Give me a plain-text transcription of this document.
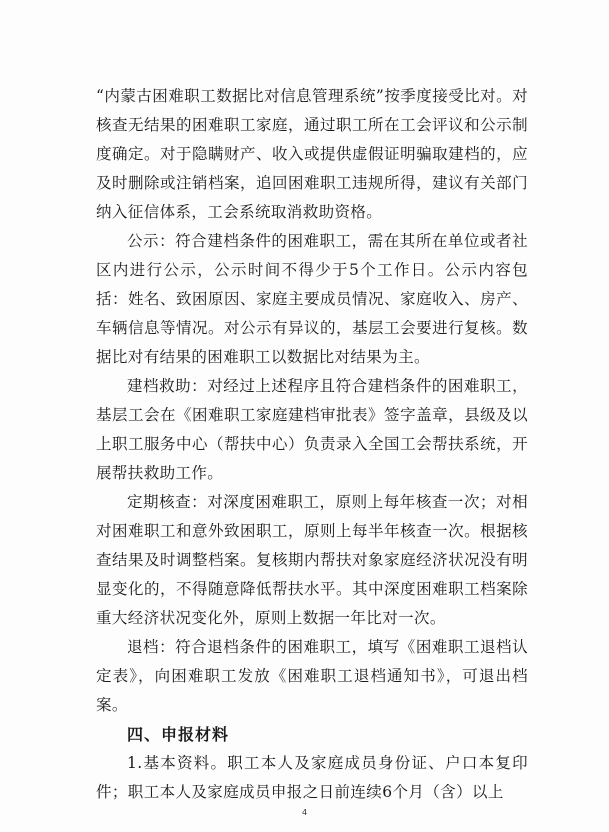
“内蒙古困难职工数据比对信息管理系统”按季度接受比对。对核查无结果的困难职工家庭，通过职工所在工会评议和公示制度确定。对于隐瞒财产、收入或提供虚假证明骗取建档的，应及时删除或注销档案，追回困难职工违规所得，建议有关部门纳入征信体系，工会系统取消救助资格。

公示：符合建档条件的困难职工，需在其所在单位或者社区内进行公示，公示时间不得少于5个工作日。公示内容包括：姓名、致困原因、家庭主要成员情况、家庭收入、房产、车辆信息等情况。对公示有异议的，基层工会要进行复核。数据比对有结果的困难职工以数据比对结果为主。

建档救助：对经过上述程序且符合建档条件的困难职工，基层工会在《困难职工家庭建档审批表》签字盖章，县级及以上职工服务中心（帮扶中心）负责录入全国工会帮扶系统，开展帮扶救助工作。

定期核查：对深度困难职工，原则上每年核查一次；对相对困难职工和意外致困职工，原则上每半年核查一次。根据核查结果及时调整档案。复核期内帮扶对象家庭经济状况没有明显变化的，不得随意降低帮扶水平。其中深度困难职工档案除重大经济状况变化外，原则上数据一年比对一次。

退档：符合退档条件的困难职工，填写《困难职工退档认定表》，向困难职工发放《困难职工退档通知书》，可退出档案。

四、申报材料

1.基本资料。职工本人及家庭成员身份证、户口本复印件；职工本人及家庭成员申报之日前连续6个月（含）以上

4
